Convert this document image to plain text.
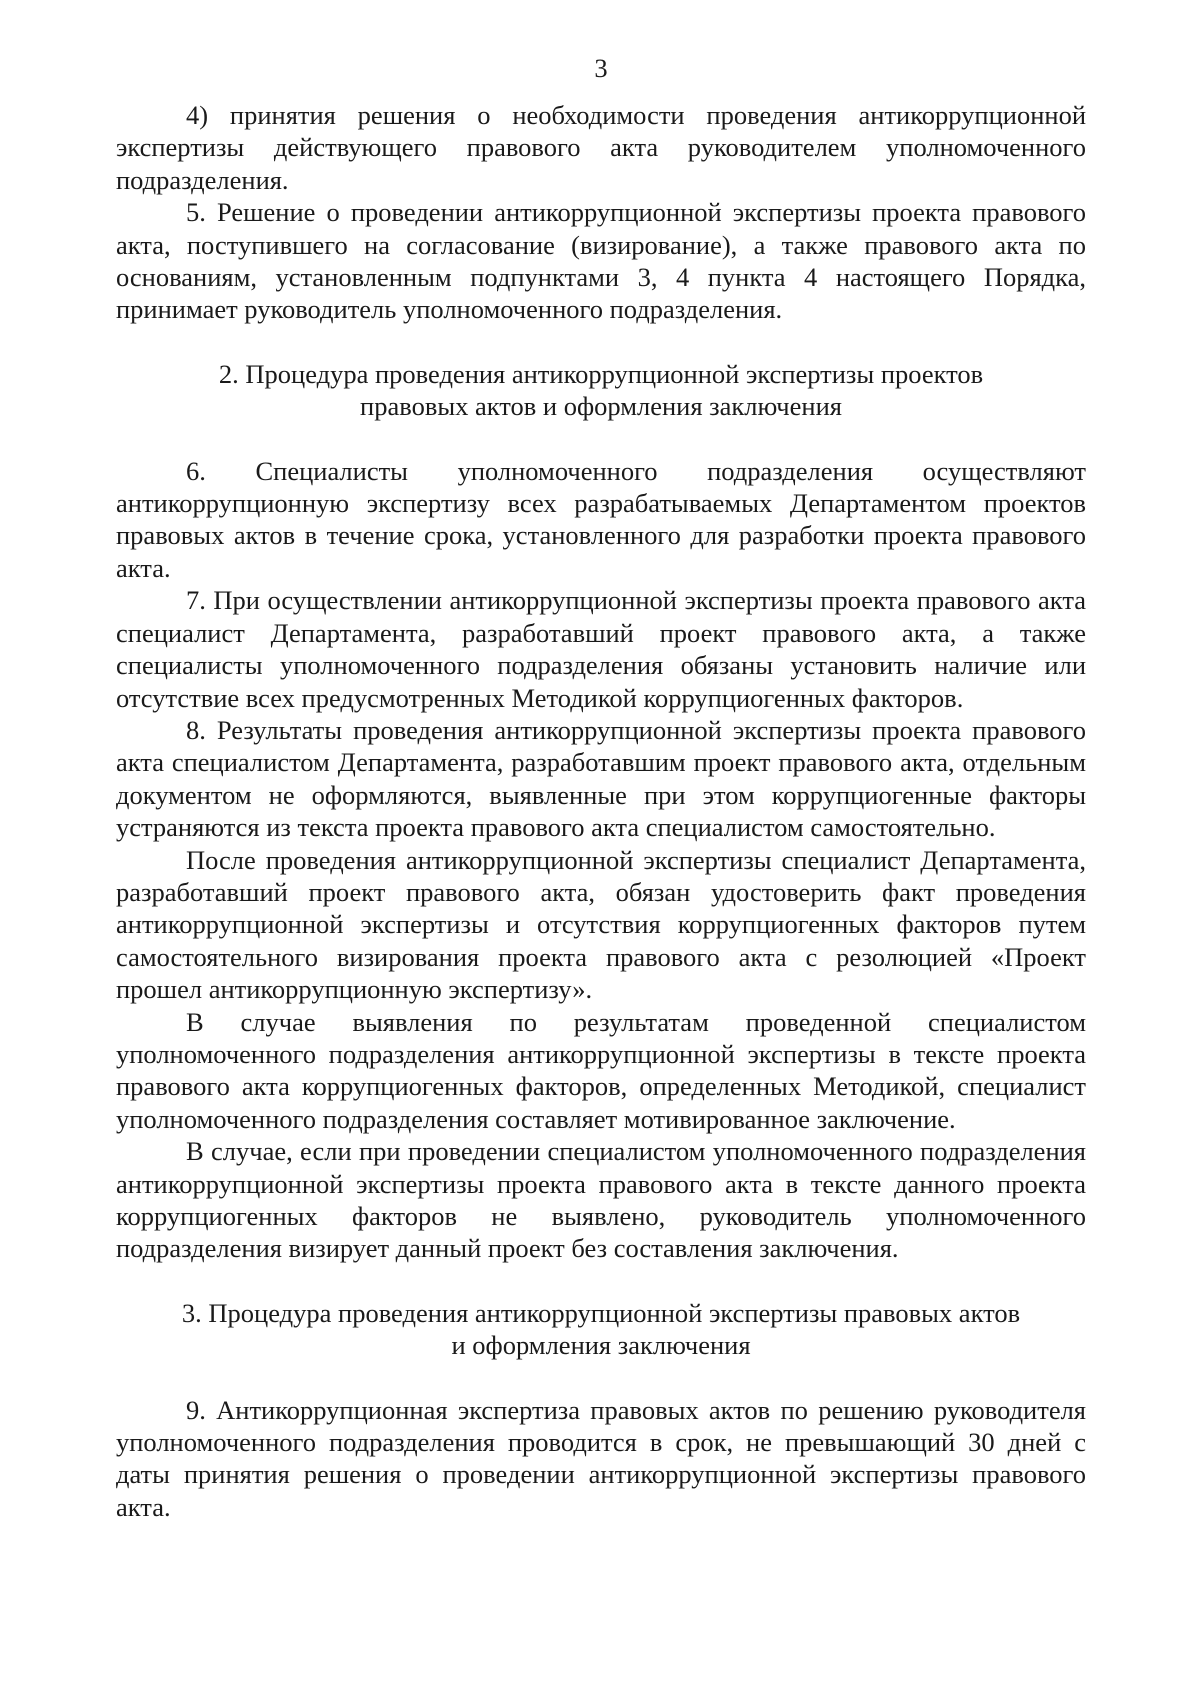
3

4) принятия решения о необходимости проведения антикоррупционной экспертизы действующего правового акта руководителем уполномоченного подразделения.

5. Решение о проведении антикоррупционной экспертизы проекта правового акта, поступившего на согласование (визирование), а также правового акта по основаниям, установленным подпунктами 3, 4 пункта 4 настоящего Порядка, принимает руководитель уполномоченного подразделения.

2. Процедура проведения антикоррупционной экспертизы проектов

правовых актов и оформления заключения

6. Специалисты уполномоченного подразделения осуществляют антикоррупционную экспертизу всех разрабатываемых Департаментом проектов правовых актов в течение срока, установленного для разработки проекта правового акта.

7. При осуществлении антикоррупционной экспертизы проекта правового акта специалист Департамента, разработавший проект правового акта, а также специалисты уполномоченного подразделения обязаны установить наличие или отсутствие всех предусмотренных Методикой коррупциогенных факторов.

8. Результаты проведения антикоррупционной экспертизы проекта правового акта специалистом Департамента, разработавшим проект правового акта, отдельным документом не оформляются, выявленные при этом коррупциогенные факторы устраняются из текста проекта правового акта специалистом самостоятельно.

После проведения антикоррупционной экспертизы специалист Департамента, разработавший проект правового акта, обязан удостоверить факт проведения антикоррупционной экспертизы и отсутствия коррупциогенных факторов путем самостоятельного визирования проекта правового акта с резолюцией «Проект прошел антикоррупционную экспертизу».

В случае выявления по результатам проведенной специалистом уполномоченного подразделения антикоррупционной экспертизы в тексте проекта правового акта коррупциогенных факторов, определенных Методикой, специалист уполномоченного подразделения составляет мотивированное заключение.

В случае, если при проведении специалистом уполномоченного подразделения антикоррупционной экспертизы проекта правового акта в тексте данного проекта коррупциогенных факторов не выявлено, руководитель уполномоченного подразделения визирует данный проект без составления заключения.

3. Процедура проведения антикоррупционной экспертизы правовых актов

и оформления заключения

9. Антикоррупционная экспертиза правовых актов по решению руководителя уполномоченного подразделения проводится в срок, не превышающий 30 дней с даты принятия решения о проведении антикоррупционной экспертизы правового акта.
